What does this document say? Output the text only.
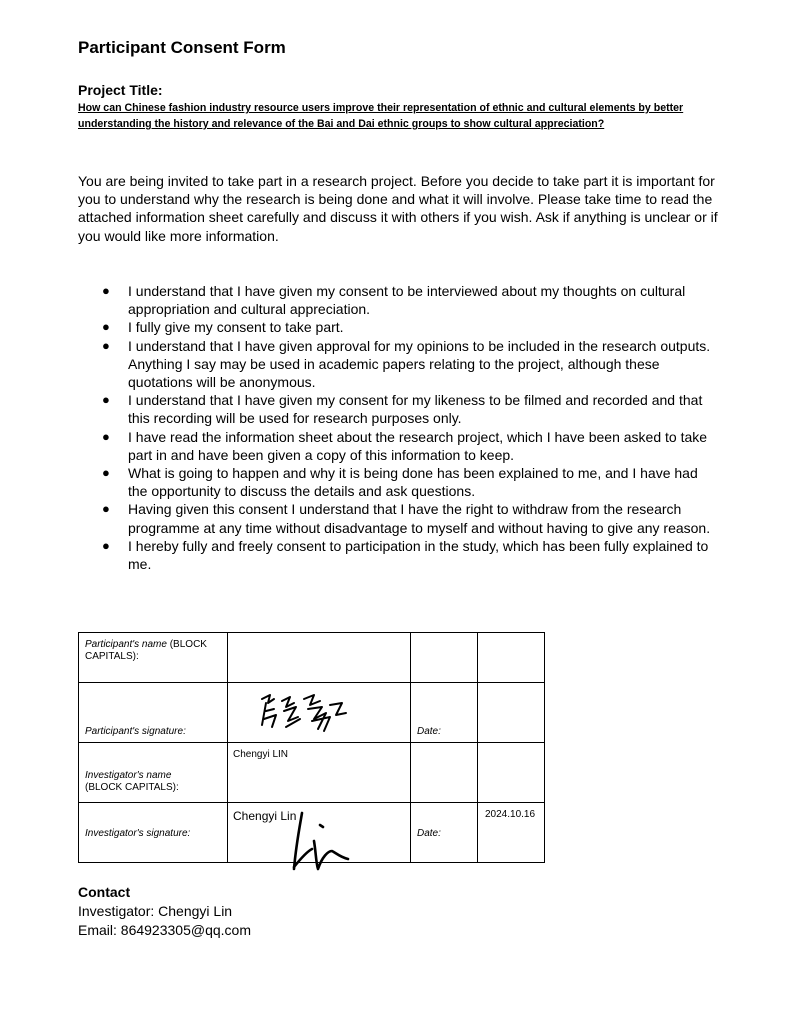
Participant Consent Form
Project Title:

How can Chinese fashion industry resource users improve their representation of ethnic and cultural elements by better understanding the history and relevance of the Bai and Dai ethnic groups to show cultural appreciation?

You are being invited to take part in a research project. Before you decide to take part it is important for you to understand why the research is being done and what it will involve. Please take time to read the attached information sheet carefully and discuss it with others if you wish. Ask if anything is unclear or if you would like more information.

● I understand that I have given my consent to be interviewed about my thoughts on cultural appropriation and cultural appreciation.
● I fully give my consent to take part.
● I understand that I have given approval for my opinions to be included in the research outputs. Anything I say may be used in academic papers relating to the project, although these quotations will be anonymous.
● I understand that I have given my consent for my likeness to be filmed and recorded and that this recording will be used for research purposes only.
● I have read the information sheet about the research project, which I have been asked to take part in and have been given a copy of this information to keep.
● What is going to happen and why it is being done has been explained to me, and I have had the opportunity to discuss the details and ask questions.
● Having given this consent I understand that I have the right to withdraw from the research programme at any time without disadvantage to myself and without having to give any reason.
● I hereby fully and freely consent to participation in the study, which has been fully explained to me.
Participant's name (BLOCK CAPITALS):			

Participant's signature:		Date:	

Investigator's name
(BLOCK CAPITALS):	Chengyi LIN		

Investigator's signature:	Chengyi Lin	Date:	2024.10.16
Contact

Investigator: Chengyi Lin

Email: 864923305@qq.com
